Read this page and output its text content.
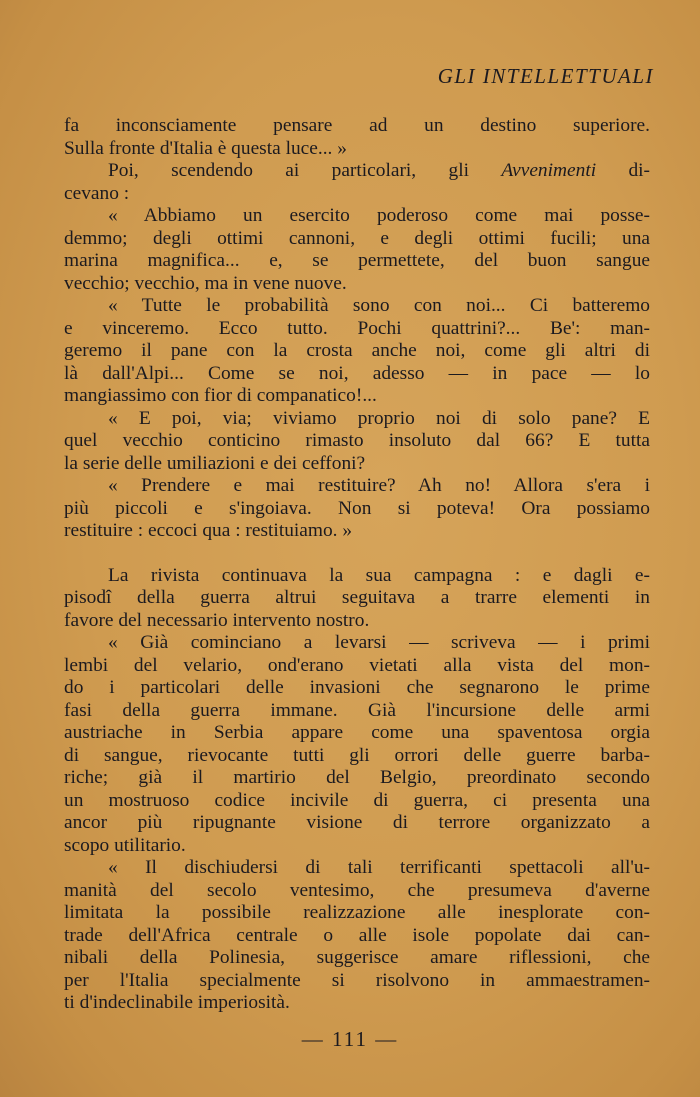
GLI INTELLETTUALI
fa inconsciamente pensare ad un destino superiore.
Sulla fronte d'Italia è questa luce... »
Poi, scendendo ai particolari, gli Avvenimenti di-
cevano :
« Abbiamo un esercito poderoso come mai posse-
demmo; degli ottimi cannoni, e degli ottimi fucili; una
marina magnifica... e, se permettete, del buon sangue
vecchio; vecchio, ma in vene nuove.
« Tutte le probabilità sono con noi... Ci batteremo
e vinceremo. Ecco tutto. Pochi quattrini?... Be': man-
geremo il pane con la crosta anche noi, come gli altri di
là dall'Alpi... Come se noi, adesso — in pace — lo
mangiassimo con fior di companatico!...
« E poi, via; viviamo proprio noi di solo pane? E
quel vecchio conticino rimasto insoluto dal 66? E tutta
la serie delle umiliazioni e dei ceffoni?
« Prendere e mai restituire? Ah no! Allora s'era i
più piccoli e s'ingoiava. Non si poteva! Ora possiamo
restituire : eccoci qua : restituiamo. »
La rivista continuava la sua campagna : e dagli e-
pisodî della guerra altrui seguitava a trarre elementi in
favore del necessario intervento nostro.
« Già cominciano a levarsi — scriveva — i primi
lembi del velario, ond'erano vietati alla vista del mon-
do i particolari delle invasioni che segnarono le prime
fasi della guerra immane. Già l'incursione delle armi
austriache in Serbia appare come una spaventosa orgia
di sangue, rievocante tutti gli orrori delle guerre barba-
riche; già il martirio del Belgio, preordinato secondo
un mostruoso codice incivile di guerra, ci presenta una
ancor più ripugnante visione di terrore organizzato a
scopo utilitario.
« Il dischiudersi di tali terrificanti spettacoli all'u-
manità del secolo ventesimo, che presumeva d'averne
limitata la possibile realizzazione alle inesplorate con-
trade dell'Africa centrale o alle isole popolate dai can-
nibali della Polinesia, suggerisce amare riflessioni, che
per l'Italia specialmente si risolvono in ammaestramen-
ti d'indeclinabile imperiosità.
— 111 —
